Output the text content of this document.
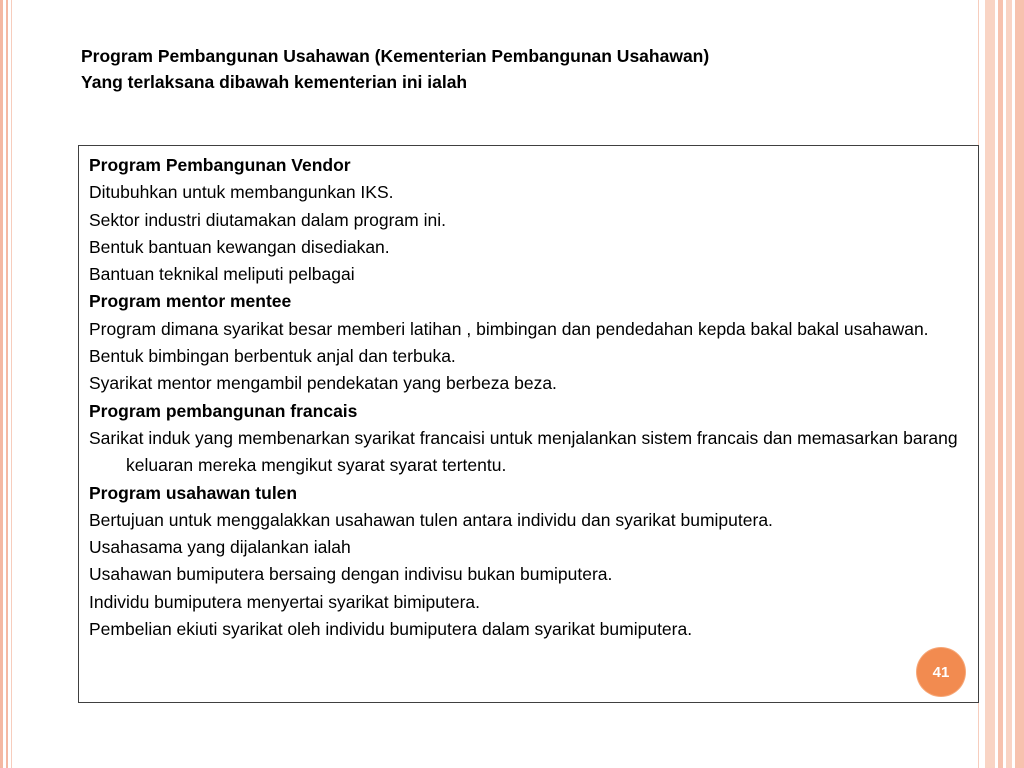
Program Pembangunan Usahawan (Kementerian Pembangunan Usahawan)
Yang terlaksana dibawah kementerian ini ialah
Program Pembangunan Vendor
Ditubuhkan untuk membangunkan IKS.
Sektor industri diutamakan dalam program ini.
Bentuk bantuan kewangan disediakan.
Bantuan teknikal meliputi pelbagai
Program mentor mentee
Program dimana syarikat besar memberi latihan , bimbingan dan pendedahan kepda bakal bakal usahawan.
Bentuk bimbingan berbentuk anjal dan terbuka.
Syarikat mentor mengambil pendekatan yang berbeza beza.
Program pembangunan francais
Sarikat induk yang membenarkan syarikat francaisi untuk menjalankan sistem francais dan memasarkan barang keluaran mereka mengikut syarat syarat tertentu.
Program usahawan tulen
Bertujuan untuk menggalakkan usahawan tulen antara individu dan syarikat bumiputera.
Usahasama yang dijalankan ialah
Usahawan bumiputera bersaing dengan indivisu bukan bumiputera.
Individu bumiputera menyertai syarikat bimiputera.
Pembelian ekiuti syarikat oleh individu bumiputera dalam syarikat bumiputera.
41
